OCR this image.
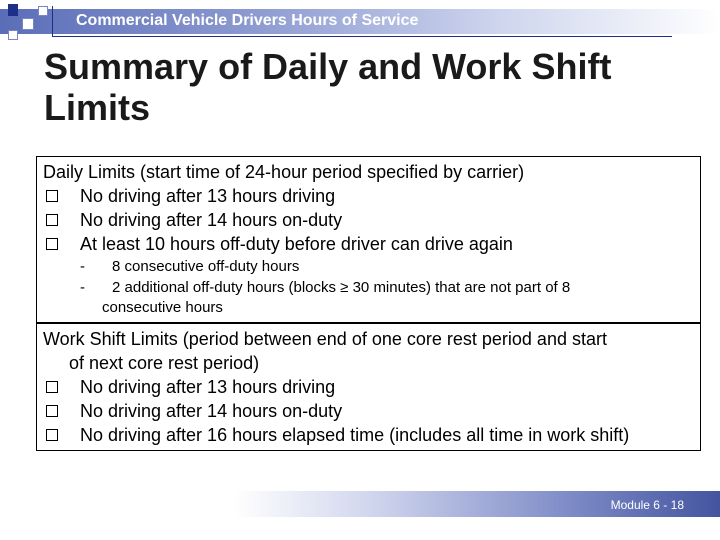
Commercial Vehicle Drivers Hours of Service
Summary of Daily and Work Shift Limits
Daily Limits (start time of 24-hour period specified by carrier)
No driving after 13 hours driving
No driving after 14 hours on-duty
At least 10 hours off-duty before driver can drive again
-	8 consecutive off-duty hours
-	2 additional off-duty hours (blocks ≥ 30 minutes) that are not part of 8
consecutive hours
Work Shift Limits (period between end of one core rest period and start
of next core rest period)
No driving after 13 hours driving
No driving after 14 hours on-duty
No driving after 16 hours elapsed time (includes all time in work shift)
Module 6 - 18
